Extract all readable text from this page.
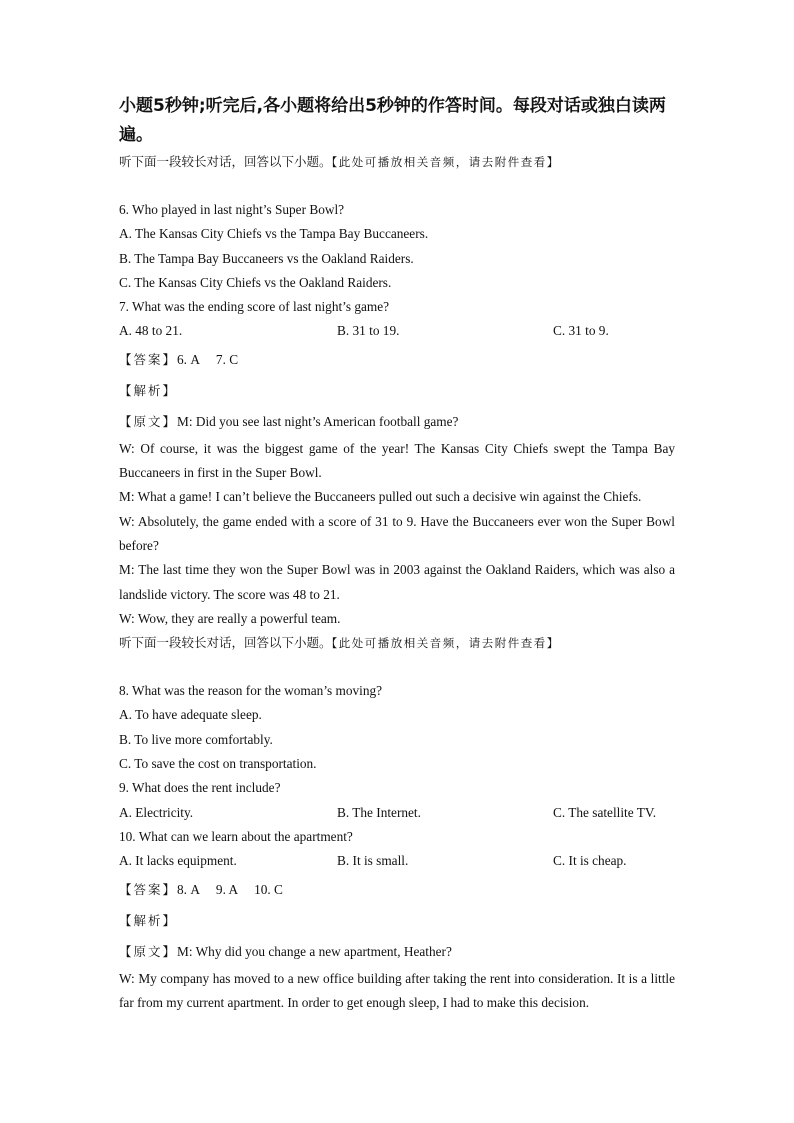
小题5秒钟;听完后,各小题将给出5秒钟的作答时间。每段对话或独白读两
遍。

听下面一段较长对话，回答以下小题。【此处可播放相关音频，请去附件查看】

6. Who played in last night’s Super Bowl?

A. The Kansas City Chiefs vs the Tampa Bay Buccaneers.

B. The Tampa Bay Buccaneers vs the Oakland Raiders.

C. The Kansas City Chiefs vs the Oakland Raiders.

7. What was the ending score of last night’s game?

A. 48 to 21.	B. 31 to 19.	C. 31 to 9.

【答案】6. A 7. C

【解析】

【原文】M: Did you see last night’s American football game?

W: Of course, it was the biggest game of the year! The Kansas City Chiefs swept the Tampa Bay Buccaneers in first in the Super Bowl.

M: What a game! I can’t believe the Buccaneers pulled out such a decisive win against the Chiefs.

W: Absolutely, the game ended with a score of 31 to 9. Have the Buccaneers ever won the Super Bowl before?

M: The last time they won the Super Bowl was in 2003 against the Oakland Raiders, which was also a landslide victory. The score was 48 to 21.

W: Wow, they are really a powerful team.

听下面一段较长对话，回答以下小题。【此处可播放相关音频，请去附件查看】

8. What was the reason for the woman’s moving?

A. To have adequate sleep.

B. To live more comfortably.

C. To save the cost on transportation.

9. What does the rent include?

A. Electricity.	B. The Internet.	C. The satellite TV.

10. What can we learn about the apartment?

A. It lacks equipment.	B. It is small.	C. It is cheap.

【答案】8. A 9. A 10. C

【解析】

【原文】M: Why did you change a new apartment, Heather?

W: My company has moved to a new office building after taking the rent into consideration. It is a little far from my current apartment. In order to get enough sleep, I had to make this decision.
